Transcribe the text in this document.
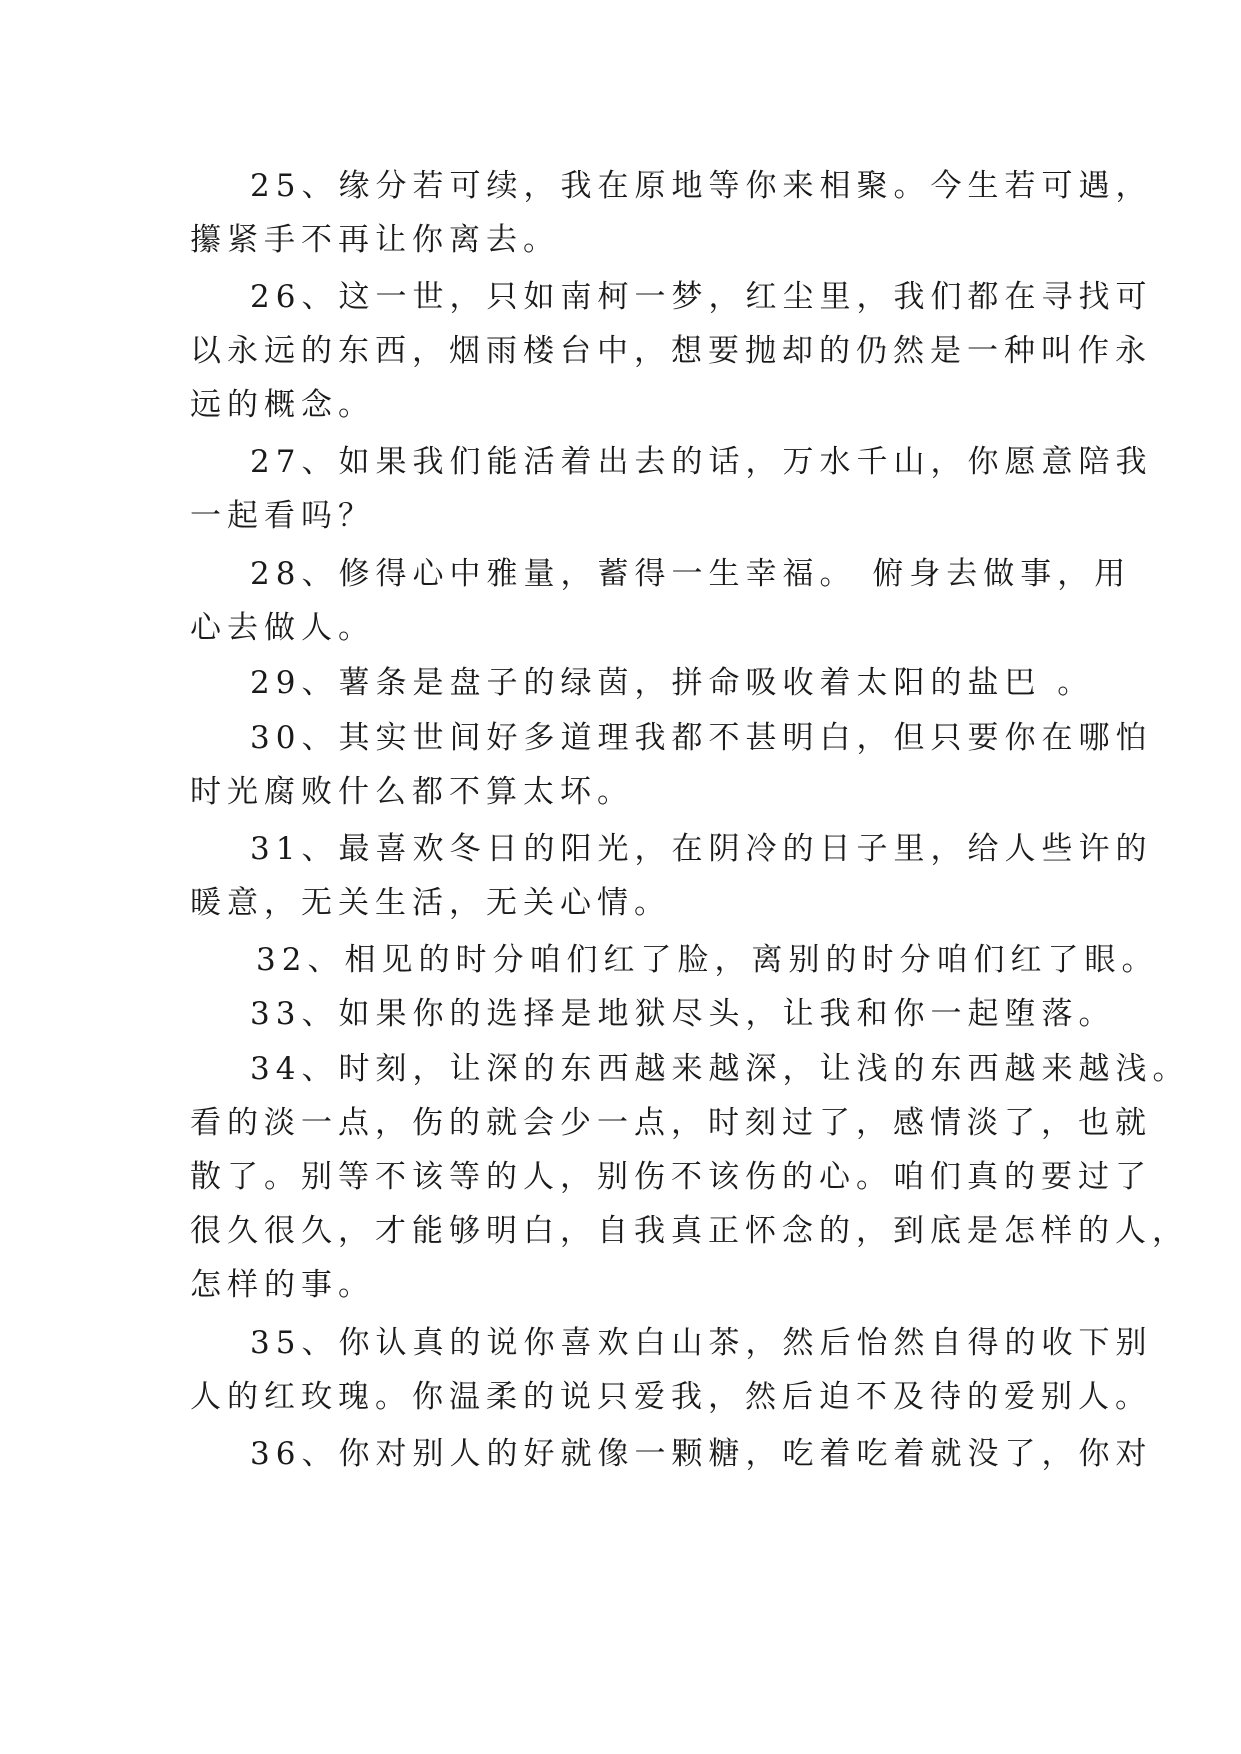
25、缘分若可续，我在原地等你来相聚。今生若可遇，
攥紧手不再让你离去。
26、这一世，只如南柯一梦，红尘里，我们都在寻找可
以永远的东西，烟雨楼台中，想要抛却的仍然是一种叫作永
远的概念。
27、如果我们能活着出去的话，万水千山，你愿意陪我
一起看吗？
28、修得心中雅量，蓄得一生幸福。 俯身去做事，用
心去做人。
29、薯条是盘子的绿茵，拼命吸收着太阳的盐巴 。
30、其实世间好多道理我都不甚明白，但只要你在哪怕
时光腐败什么都不算太坏。
31、最喜欢冬日的阳光，在阴冷的日子里，给人些许的
暖意，无关生活，无关心情。
32、相见的时分咱们红了脸，离别的时分咱们红了眼。
33、如果你的选择是地狱尽头，让我和你一起堕落。
34、时刻，让深的东西越来越深，让浅的东西越来越浅。
看的淡一点，伤的就会少一点，时刻过了，感情淡了，也就
散了。别等不该等的人，别伤不该伤的心。咱们真的要过了
很久很久，才能够明白，自我真正怀念的，到底是怎样的人，
怎样的事。
35、你认真的说你喜欢白山茶，然后怡然自得的收下别
人的红玫瑰。你温柔的说只爱我，然后迫不及待的爱别人。
36、你对别人的好就像一颗糖，吃着吃着就没了，你对
